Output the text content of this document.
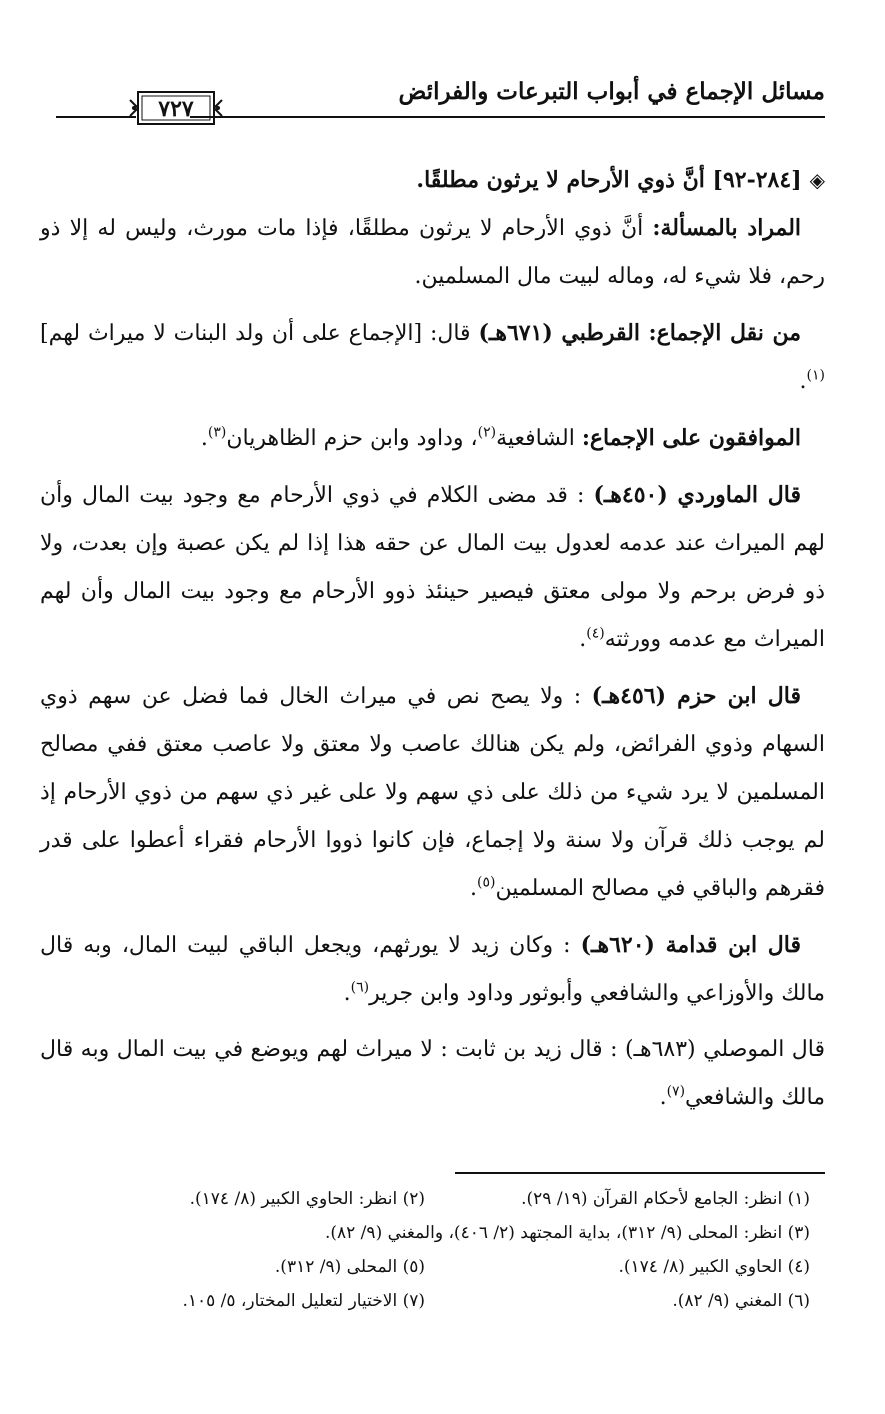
مسائل الإجماع في أبواب التبرعات والفرائض
٧٢٧
◈[٢٨٤-٩٢] أنَّ ذوي الأرحام لا يرثون مطلقًا.

المراد بالمسألة: أنَّ ذوي الأرحام لا يرثون مطلقًا، فإذا مات مورث، وليس له إلا ذو رحم، فلا شيء له، وماله لبيت مال المسلمين.

من نقل الإجماع: القرطبي (٦٧١هـ) قال: [الإجماع على أن ولد البنات لا ميراث لهم]$^{(١)}$.

الموافقون على الإجماع: الشافعية$^{(٢)}$، وداود وابن حزم الظاهريان$^{(٣)}$.

قال الماوردي (٤٥٠هـ) : قد مضى الكلام في ذوي الأرحام مع وجود بيت المال وأن لهم الميراث عند عدمه لعدول بيت المال عن حقه هذا إذا لم يكن عصبة وإن بعدت، ولا ذو فرض برحم ولا مولى معتق فيصير حينئذ ذوو الأرحام مع وجود بيت المال وأن لهم الميراث مع عدمه وورثته$^{(٤)}$.

قال ابن حزم (٤٥٦هـ) : ولا يصح نص في ميراث الخال فما فضل عن سهم ذوي السهام وذوي الفرائض، ولم يكن هنالك عاصب ولا معتق ولا عاصب معتق ففي مصالح المسلمين لا يرد شيء من ذلك على ذي سهم ولا على غير ذي سهم من ذوي الأرحام إذ لم يوجب ذلك قرآن ولا سنة ولا إجماع، فإن كانوا ذووا الأرحام فقراء أعطوا على قدر فقرهم والباقي في مصالح المسلمين$^{(٥)}$.

قال ابن قدامة (٦٢٠هـ) : وكان زيد لا يورثهم، ويجعل الباقي لبيت المال، وبه قال مالك والأوزاعي والشافعي وأبوثور وداود وابن جرير$^{(٦)}$.

قال الموصلي (٦٨٣هـ) : قال زيد بن ثابت : لا ميراث لهم ويوضع في بيت المال وبه قال مالك والشافعي$^{(٧)}$.

(١) انظر: الجامع لأحكام القرآن (١٩/ ٢٩).
(٢) انظر: الحاوي الكبير (٨/ ١٧٤).
(٣) انظر: المحلى (٩/ ٣١٢)، بداية المجتهد (٢/ ٤٠٦)، والمغني (٩/ ٨٢).
(٤) الحاوي الكبير (٨/ ١٧٤).
(٥) المحلى (٩/ ٣١٢).
(٦) المغني (٩/ ٨٢).
(٧) الاختيار لتعليل المختار، ٥/ ١٠٥.
